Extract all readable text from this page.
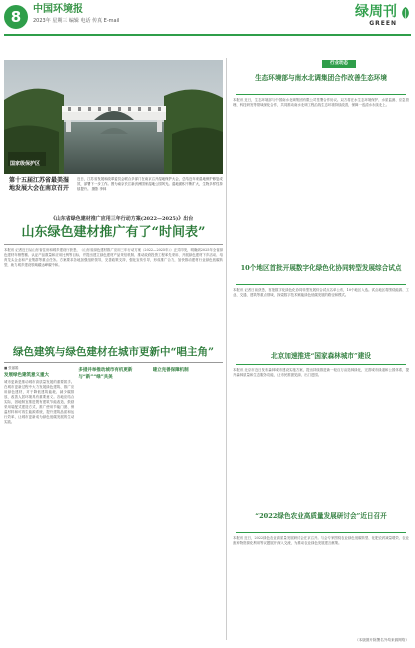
8	中国环境报
2023年 星期三 编辑 电话 传真 E-mail
绿周刊
GREEN
国家级保护区
第十五届江苏省最美湿地发展大会在南京召开
近日，江苏省发展和改革委员会联合多部门在南京召开湿地保护大会，总结近年来湿地保护修复成效，部署下一步工作。图为南京长江新济洲国家湿地公园风光。湿地面积不断扩大，生物多样性持续提升。 摄影 李林
《山东省绿色建材推广应用三年行动方案(2022—2025)》出台
山东绿色建材推广有了“时间表”
本报讯 记者近日从山东省住房和城乡建设厅获悉，《山东省绿色建材推广应用三年行动方案（2022—2025年）》正式印发，明确到2025年全省绿色建材年销售额、认证产品数量和应用比例等目标，并提出建立绿色建材产品采信机制、推动政府投资工程率先采用、开展绿色建材下乡活动、培育龙头企业和产业集群等重点任务。方案要求各地加强组织领导，完善政策支持，强化宣传引导，形成推广合力，加快推动建材行业绿色低碳转型，助力城乡建设领域碳达峰碳中和。
绿色建筑与绿色建材在城市更新中“唱主角”
■ 张丽娟
发展绿色建筑意义重大
城市更新是推动城市高质量发展的重要抓手。在城市更新过程中大力发展绿色建筑、推广应用绿色建材，对于降低建筑能耗、减少碳排放、改善人居环境具有重要意义。各地应结合实际，因地制宜推进既有建筑节能改造，鼓励采用装配式建造方式，推广使用节能门窗、保温材料和可再生能源系统，提升建筑品质和运行效率，让城市更新成为绿色低碳发展的生动实践。
多措并举推动城市有机更新与“新”“绿”共美
建立完善保障机制
行业动态
生态环境部与南水北调集团合作改善生态环境
本报讯 近日，生态环境部与中国南水北调集团有限公司签署合作协议。双方将在水生态环境保护、水质监测、应急管理、科技研发等领域深化合作，共同推动南水北调工程沿线生态环境持续改善，保障一泓清水永续北上。
10个地区首批开展数字化绿色化协同转型发展综合试点
本报讯 记者日前获悉，首批数字化绿色化协同转型发展综合试点名单公布，10个地区入选。试点地区将围绕能源、工业、交通、建筑等重点领域，探索数字技术赋能绿色低碳发展的路径和模式。
北京加速推进“国家森林城市”建设
本报讯 北京市近日发布森林城市建设实施方案，提出持续推进新一轮百万亩造林绿化，完善城市绿道和公园体系，提升森林质量和生态服务功能，让市民推窗见绿、出门进园。
“2022绿色农业高质量发展研讨会”近日召开
本报讯 近日，2022绿色农业高质量发展研讨会在京召开。与会专家围绕农业绿色低碳转型、化肥农药减量增效、农业废弃物资源化利用等议题展开深入交流，为推动农业绿色发展建言献策。
（本版图片除署名外均来源网络）
